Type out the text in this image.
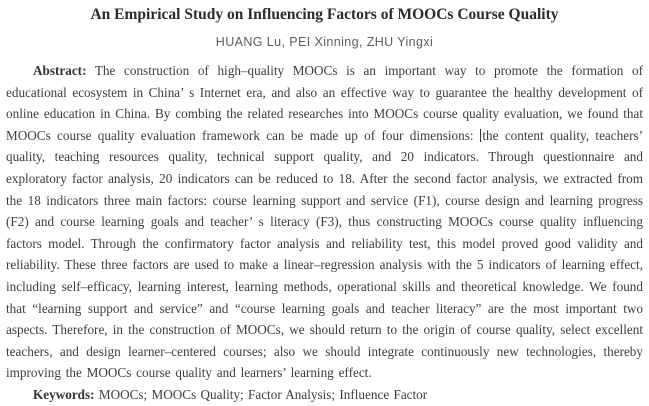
An Empirical Study on Influencing Factors of MOOCs Course Quality
HUANG Lu, PEI Xinning, ZHU Yingxi

Abstract: The construction of high–quality MOOCs is an important way to promote the formation of educational ecosystem in China’ s Internet era, and also an effective way to guarantee the healthy development of online education in China. By combing the related researches into MOOCs course quality evaluation, we found that MOOCs course quality evaluation framework can be made up of four dimensions: the content quality, teachers’ quality, teaching resources quality, technical support quality, and 20 indicators. Through questionnaire and exploratory factor analysis, 20 indicators can be reduced to 18. After the second factor analysis, we extracted from the 18 indicators three main factors: course learning support and service (F1), course design and learning progress (F2) and course learning goals and teacher’ s literacy (F3), thus constructing MOOCs course quality influencing factors model. Through the confirmatory factor analysis and reliability test, this model proved good validity and reliability. These three factors are used to make a linear–regression analysis with the 5 indicators of learning effect, including self–efficacy, learning interest, learning methods, operational skills and theoretical knowledge. We found that “learning support and service” and “course learning goals and teacher literacy” are the most important two aspects. Therefore, in the construction of MOOCs, we should return to the origin of course quality, select excellent teachers, and design learner–centered courses; also we should integrate continuously new technologies, thereby improving the MOOCs course quality and learners’ learning effect.

Keywords: MOOCs; MOOCs Quality; Factor Analysis; Influence Factor
